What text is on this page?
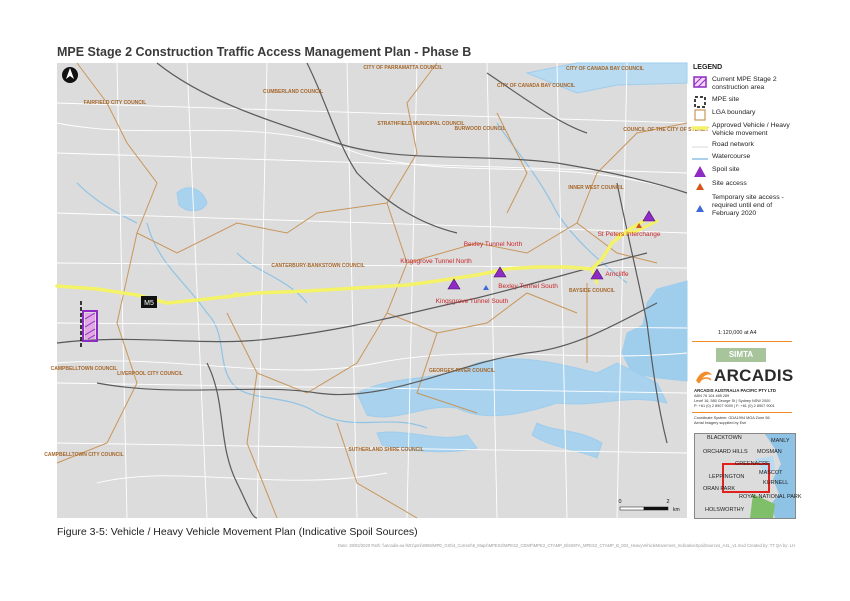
MPE Stage 2 Construction Traffic Access Management Plan - Phase B
M5
CITY OF PARRAMATTA COUNCIL	CITY OF CANADA BAY COUNCIL
CUMBERLAND COUNCIL
CITY OF CANADA BAY COUNCIL
FAIRFIELD CITY COUNCIL
STRATHFIELD MUNICIPAL COUNCIL
BURWOOD COUNCIL	COUNCIL OF THE CITY OF SYDNEY
INNER WEST COUNCIL
CANTERBURY-BANKSTOWN COUNCIL
BAYSIDE COUNCIL
CAMPBELLTOWN COUNCIL
LIVERPOOL CITY COUNCIL	GEORGES RIVER COUNCIL
SUTHERLAND SHIRE COUNCIL
CAMPBELLTOWN CITY COUNCIL
Kingsgrove Tunnel North
Bexley Tunnel North
Bexley Tunnel South
Kingsgrove Tunnel South
Arncliffe
St Peters Interchange
0	2
km
LEGEND
Current MPE Stage 2 construction area
MPE site
LGA boundary
Approved Vehicle / Heavy Vehicle movement
Road network
Watercourse
Spoil site
Site access
Temporary site access - required until end of February 2020
1:120,000 at A4
SIMTA
ARCADIS
ARCADIS AUSTRALIA PACIFIC PTY LTD
ABN 76 104 485 289
Level 16, 580 George St | Sydney NSW 2000
P: +61 (0) 2 8907 9000 | F: +61 (0) 2 8907 9001
Coordinate System: GDA1994 MGA Zone 56
Aerial imagery supplied by Esri
BLACKTOWN	MANLY
ORCHARD HILLS MOSMAN
GREENACRE
MASCOT
LEPPINGTON
KURNELL
ORAN PARK
ROYAL NATIONAL PARK
HOLSWORTHY
Figure 3-5: Vehicle / Heavy Vehicle Movement Plan (Indicative Spoil Sources)
Date: 28/02/2020 Path: \\arcadis-au-fs01\pmi\8086\MPE_GIS\4_Current\8_Maps\MPES2\MPES2_CEMP\MPE2_CTAMP_B\SIMTA_MPES2_CTAMP_B_004_HeavyVehicleMovement_IndicativeSpoilSources_A4L_v1.mxd Created by: TT QA by: LH
